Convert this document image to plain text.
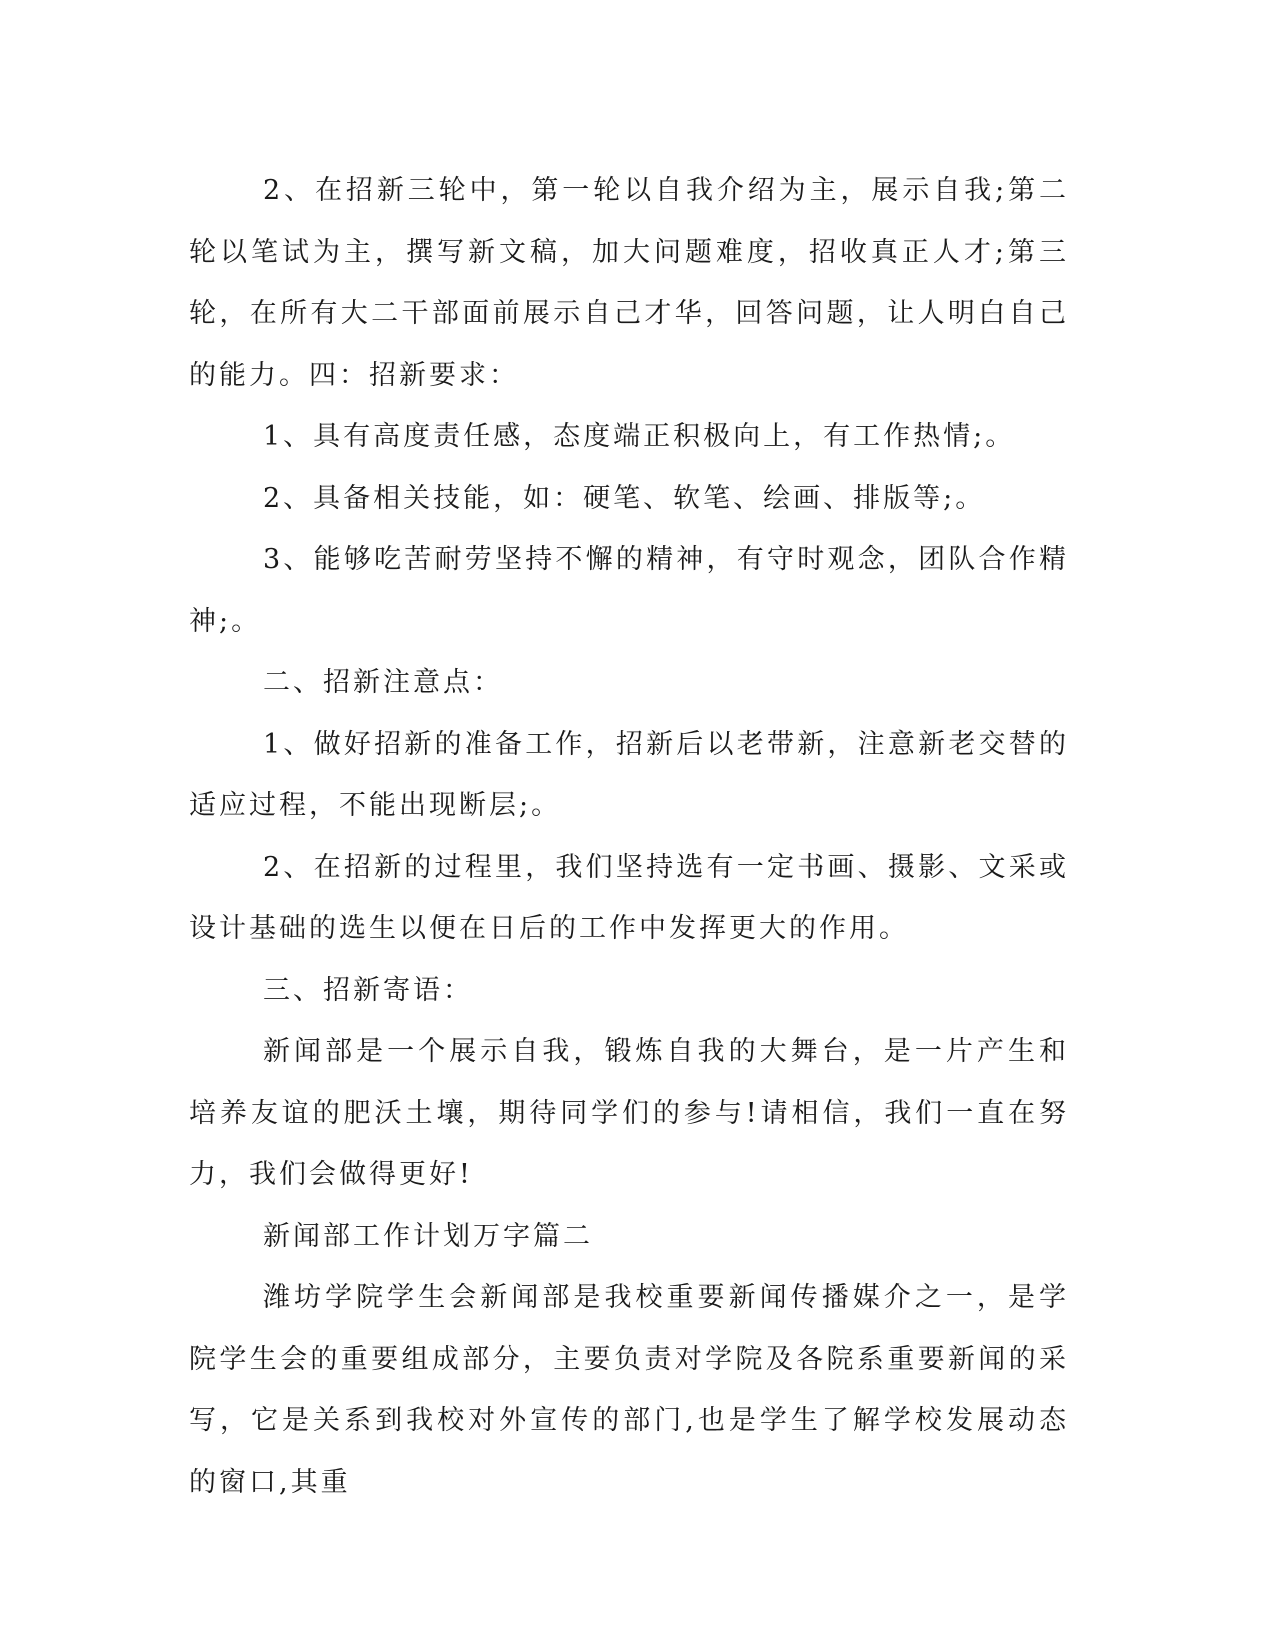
2、在招新三轮中，第一轮以自我介绍为主，展示自我;第二轮以笔试为主，撰写新文稿，加大问题难度，招收真正人才;第三轮，在所有大二干部面前展示自己才华，回答问题，让人明白自己的能力。四：招新要求：

1、具有高度责任感，态度端正积极向上，有工作热情;。

2、具备相关技能，如：硬笔、软笔、绘画、排版等;。

3、能够吃苦耐劳坚持不懈的精神，有守时观念，团队合作精神;。

二、招新注意点：

1、做好招新的准备工作，招新后以老带新，注意新老交替的适应过程，不能出现断层;。

2、在招新的过程里，我们坚持选有一定书画、摄影、文采或设计基础的选生以便在日后的工作中发挥更大的作用。

三、招新寄语：

新闻部是一个展示自我，锻炼自我的大舞台，是一片产生和培养友谊的肥沃土壤，期待同学们的参与!请相信，我们一直在努力，我们会做得更好!

新闻部工作计划万字篇二

潍坊学院学生会新闻部是我校重要新闻传播媒介之一，是学院学生会的重要组成部分，主要负责对学院及各院系重要新闻的采写，它是关系到我校对外宣传的部门,也是学生了解学校发展动态的窗口,其重
